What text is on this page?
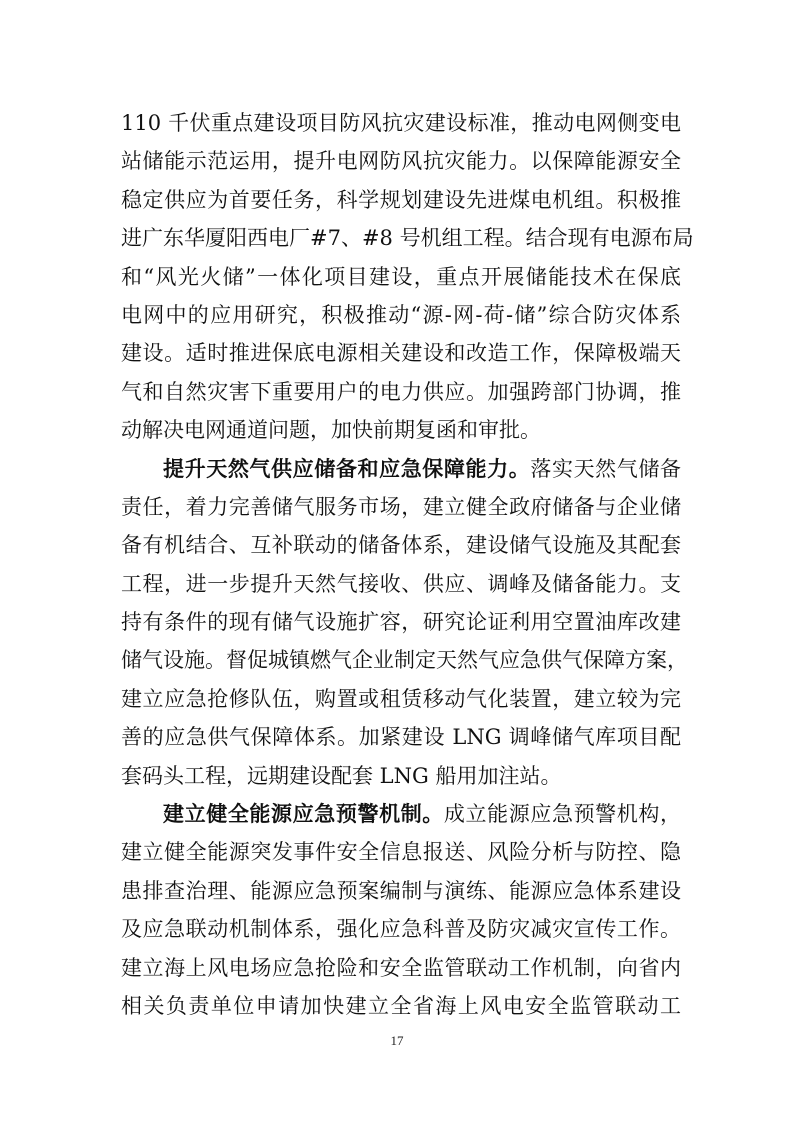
110 千伏重点建设项目防风抗灾建设标准，推动电网侧变电
站储能示范运用，提升电网防风抗灾能力。以保障能源安全
稳定供应为首要任务，科学规划建设先进煤电机组。积极推
进广东华厦阳西电厂#7、#8 号机组工程。结合现有电源布局
和“风光火储”一体化项目建设，重点开展储能技术在保底
电网中的应用研究，积极推动“源-网-荷-储”综合防灾体系
建设。适时推进保底电源相关建设和改造工作，保障极端天
气和自然灾害下重要用户的电力供应。加强跨部门协调，推
动解决电网通道问题，加快前期复函和审批。
提升天然气供应储备和应急保障能力。落实天然气储备
责任，着力完善储气服务市场，建立健全政府储备与企业储
备有机结合、互补联动的储备体系，建设储气设施及其配套
工程，进一步提升天然气接收、供应、调峰及储备能力。支
持有条件的现有储气设施扩容，研究论证利用空置油库改建
储气设施。督促城镇燃气企业制定天然气应急供气保障方案，
建立应急抢修队伍，购置或租赁移动气化装置，建立较为完
善的应急供气保障体系。加紧建设 LNG 调峰储气库项目配
套码头工程，远期建设配套 LNG 船用加注站。
建立健全能源应急预警机制。成立能源应急预警机构，
建立健全能源突发事件安全信息报送、风险分析与防控、隐
患排查治理、能源应急预案编制与演练、能源应急体系建设
及应急联动机制体系，强化应急科普及防灾减灾宣传工作。
建立海上风电场应急抢险和安全监管联动工作机制，向省内
相关负责单位申请加快建立全省海上风电安全监管联动工
17
